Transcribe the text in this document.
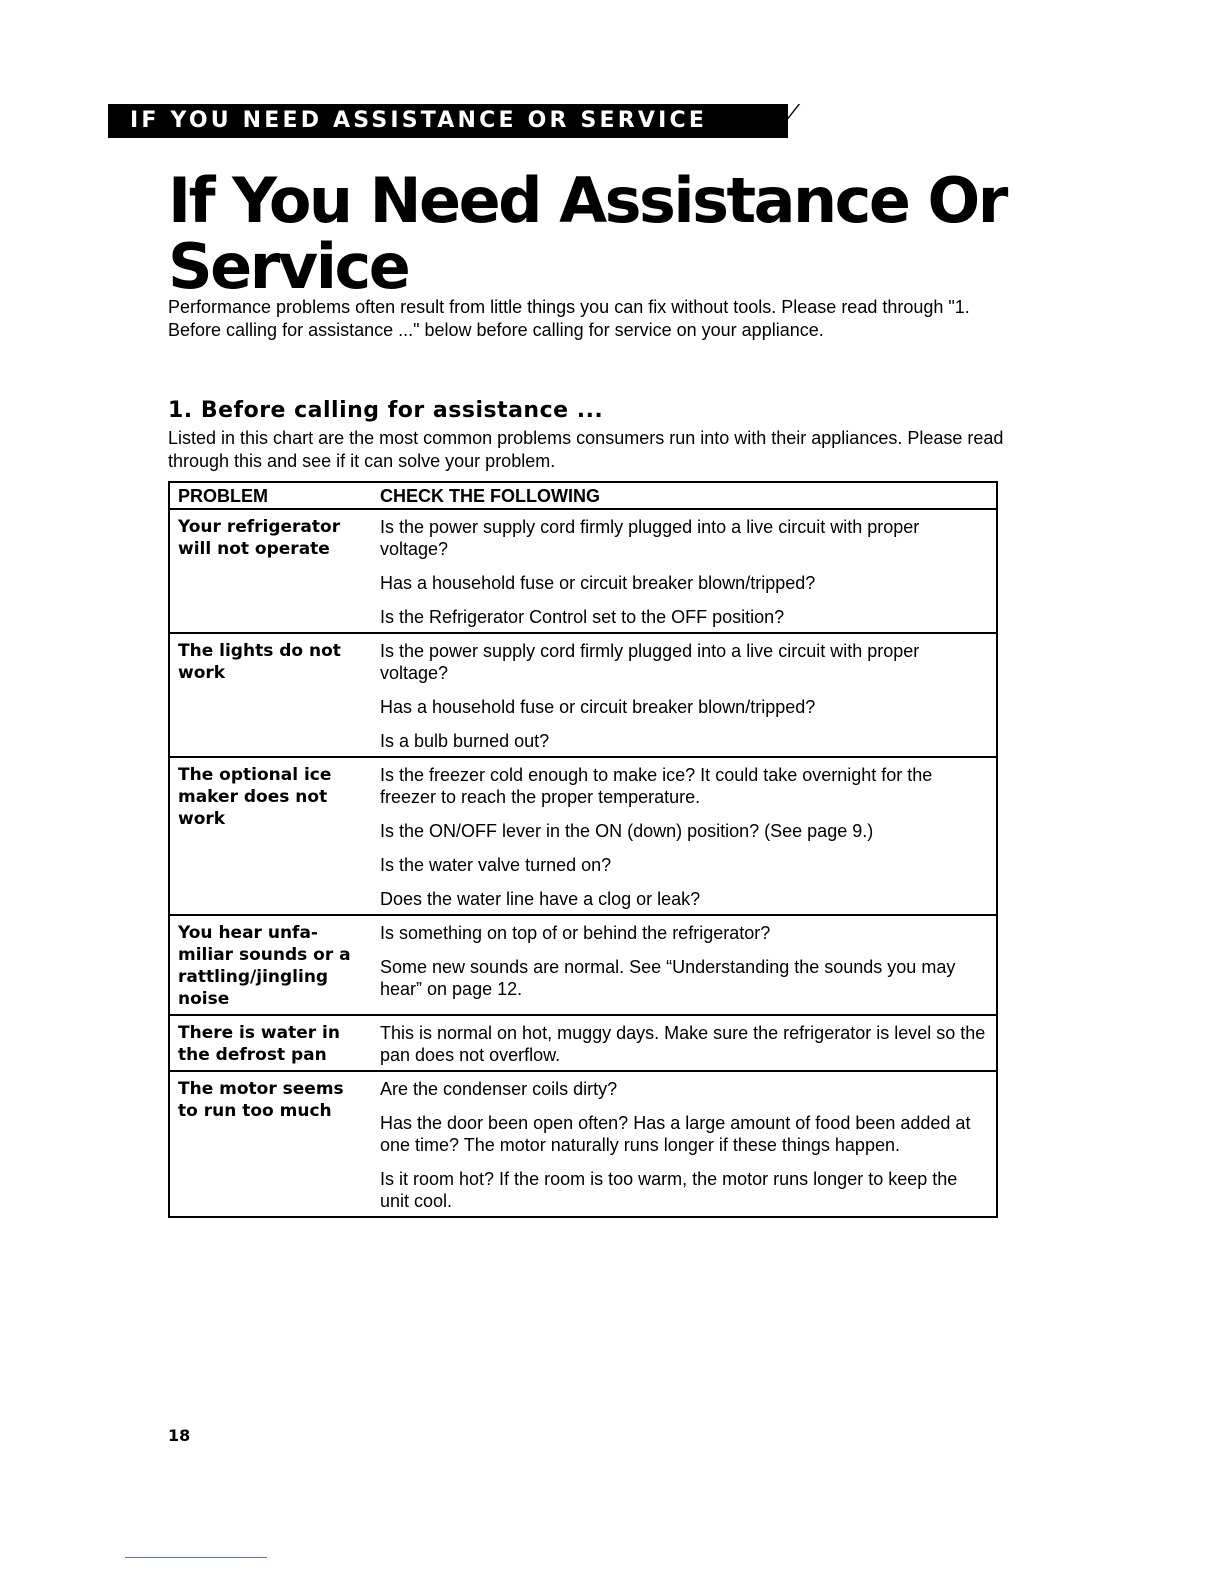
IF YOU NEED ASSISTANCE OR SERVICE	⁄
If You Need Assistance Or Service

Performance problems often result from little things you can fix without tools. Please read through "1. Before calling for assistance ..." below before calling for service on your appliance.

1. Before calling for assistance ...

Listed in this chart are the most common problems consumers run into with their appliances. Please read through this and see if it can solve your problem.

PROBLEM	CHECK THE FOLLOWING
Your refrigerator will not operate	Is the power supply cord firmly plugged into a live circuit with proper voltage?
Has a household fuse or circuit breaker blown/tripped?
Is the Refrigerator Control set to the OFF position?

The lights do not work	Is the power supply cord firmly plugged into a live circuit with proper voltage?
Has a household fuse or circuit breaker blown/tripped?
Is a bulb burned out?

The optional ice maker does not work	Is the freezer cold enough to make ice? It could take overnight for the freezer to reach the proper temperature.
Is the ON/OFF lever in the ON (down) position? (See page 9.)
Is the water valve turned on?
Does the water line have a clog or leak?

You hear unfa-miliar sounds or a rattling/jingling noise	Is something on top of or behind the refrigerator?
Some new sounds are normal. See “Understanding the sounds you may hear” on page 12.

There is water in the defrost pan	This is normal on hot, muggy days. Make sure the refrigerator is level so the pan does not overflow.

The motor seems to run too much	Are the condenser coils dirty?
Has the door been open often? Has a large amount of food been added at one time? The motor naturally runs longer if these things happen.
Is it room hot? If the room is too warm, the motor runs longer to keep the unit cool.
18
